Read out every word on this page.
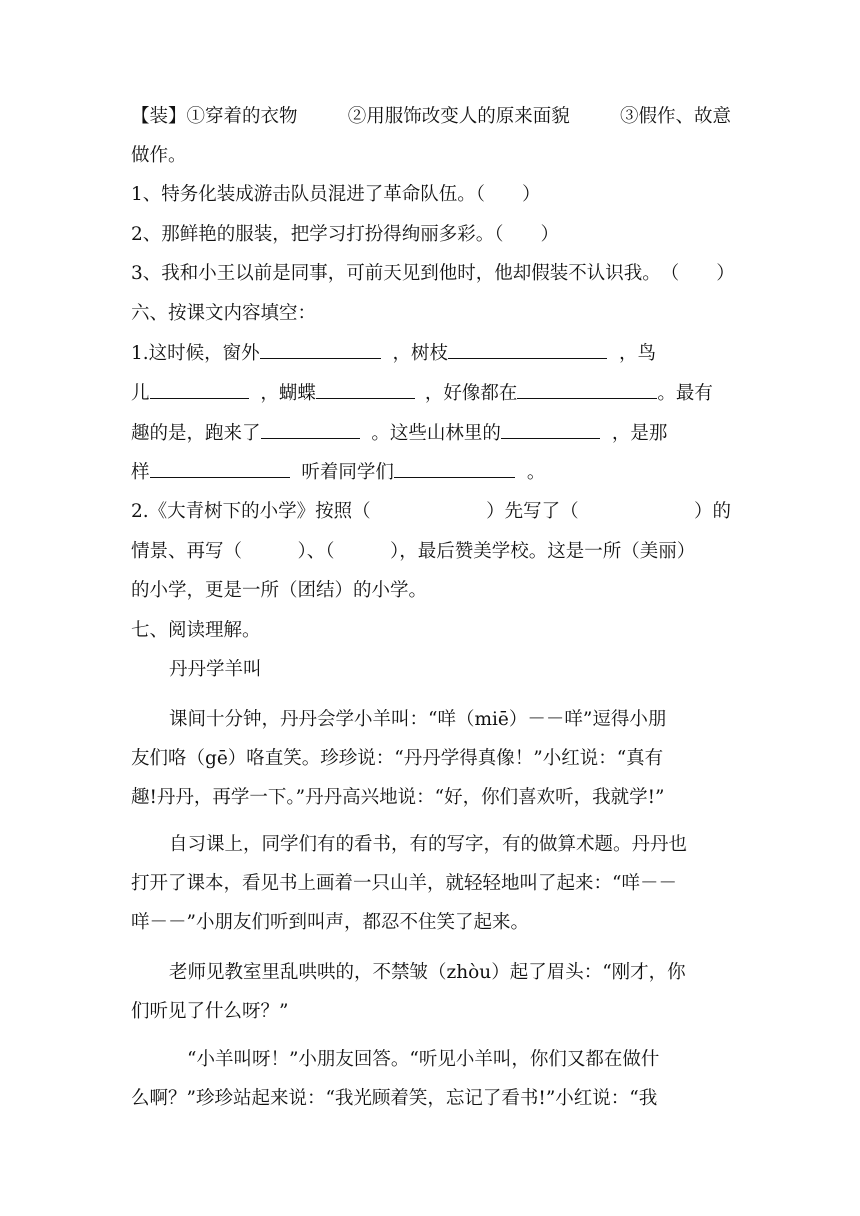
【装】①穿着的衣物	②用服饰改变人的原来面貌	③假作、故意
做作。
1、特务化装成游击队员混进了革命队伍。（　　）
2、那鲜艳的服装，把学习打扮得绚丽多彩。（　　）
3、我和小王以前是同事，可前天见到他时，他却假装不认识我。 （　　）
六、按课文内容填空：
1.这时候，窗外	，树枝	，鸟
儿	，蝴蝶	，好像都在	。最有
趣的是，跑来了	。这些山林里的	，是那
样	听着同学们	。
2.《大青树下的小学》按照（	）先写了（	）的
情景、再写（　　　）、（　　　），最后赞美学校。这是一所（美丽）
的小学，更是一所（团结）的小学。
七、阅读理解。
丹丹学羊叫
课间十分钟，丹丹会学小羊叫：“咩（miē）－－咩”逗得小朋
友们咯（gē）咯直笑。珍珍说：“丹丹学得真像！”小红说：“真有
趣!丹丹，再学一下。”丹丹高兴地说：“好，你们喜欢听，我就学!”
自习课上，同学们有的看书，有的写字，有的做算术题。丹丹也
打开了课本，看见书上画着一只山羊，就轻轻地叫了起来：“咩－－
咩－－”小朋友们听到叫声，都忍不住笑了起来。
老师见教室里乱哄哄的，不禁皱（zhòu）起了眉头：“刚才，你
们听见了什么呀？”
“小羊叫呀！”小朋友回答。“听见小羊叫，你们又都在做什
么啊？”珍珍站起来说：“我光顾着笑，忘记了看书!”小红说：“我
